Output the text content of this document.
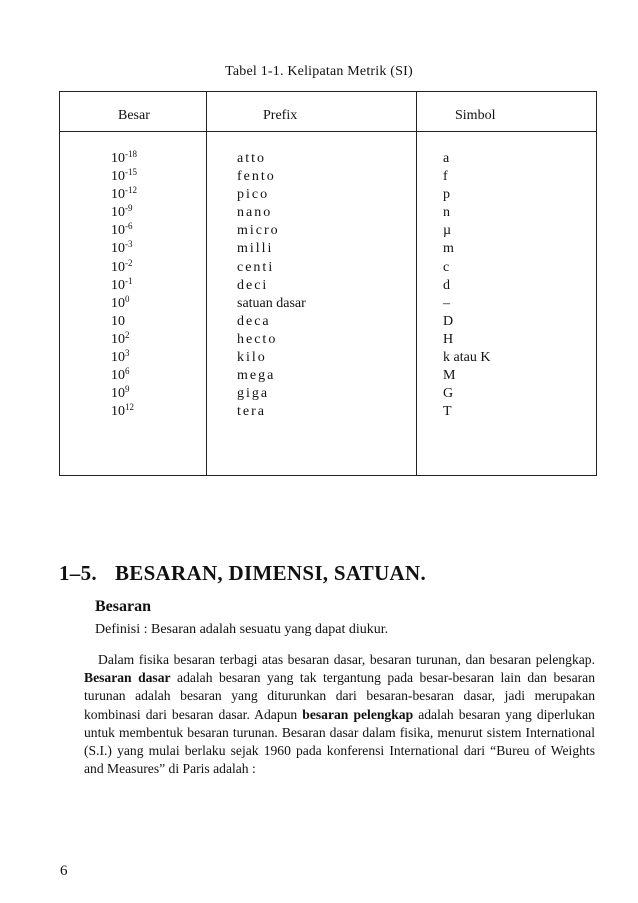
Tabel 1-1. Kelipatan Metrik (SI)
Besar	Prefix	Simbol
$10^{-18}$
$10^{-15}$
$10^{-12}$
$10^{-9}$
$10^{-6}$
$10^{-3}$
$10^{-2}$
$10^{-1}$
$10^0$
10
$10^2$
$10^3$
$10^6$
$10^9$
$10^{12}$
atto
fento
pico
nano
micro
milli
centi
deci
satuan dasar
deca
hecto
kilo
mega
giga
tera
a
f
p
n
µ
m
c
d
–
D
H
k atau K
M
G
T
1–5. BESARAN, DIMENSI, SATUAN.
Besaran
Definisi : Besaran adalah sesuatu yang dapat diukur.
Dalam fisika besaran terbagi atas besaran dasar, besaran turunan, dan besaran pelengkap. Besaran dasar adalah besaran yang tak tergantung pada besar-besaran lain dan besaran turunan adalah besaran yang diturunkan dari besaran-besaran dasar, jadi merupakan kombinasi dari besaran dasar. Adapun besaran pelengkap adalah besaran yang diperlukan untuk membentuk besaran turunan. Besaran dasar dalam fisika, menurut sistem International (S.I.) yang mulai berlaku sejak 1960 pada konferensi International dari “Bureu of Weights and Measures” di Paris adalah :
6
